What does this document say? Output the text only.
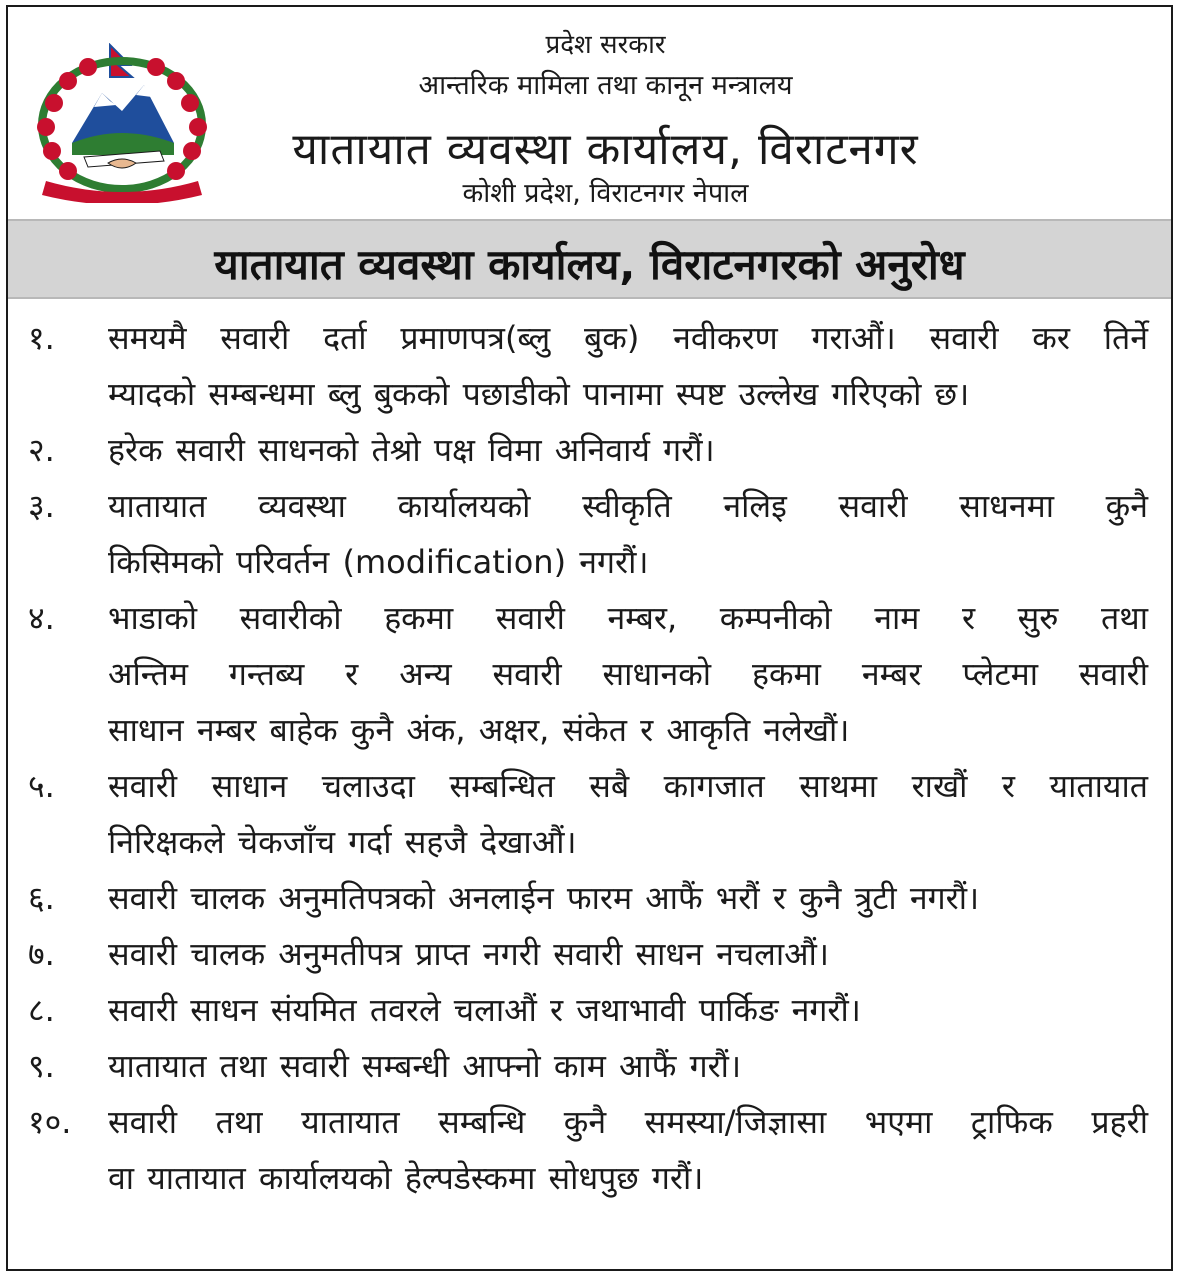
प्रदेश सरकार
आन्तरिक मामिला तथा कानून मन्त्रालय
यातायात व्यवस्था कार्यालय, विराटनगर
कोशी प्रदेश, विराटनगर नेपाल
यातायात व्यवस्था कार्यालय, विराटनगरको अनुरोध
१.	समयमै सवारी दर्ता प्रमाणपत्र(ब्लु बुक) नवीकरण गराऔं। सवारी कर तिर्ने
म्यादको सम्बन्धमा ब्लु बुकको पछाडीको पानामा स्पष्ट उल्लेख गरिएको छ।
२.	हरेक सवारी साधनको तेश्रो पक्ष विमा अनिवार्य गरौं।
३.	यातायात व्यवस्था कार्यालयको स्वीकृति नलिइ सवारी साधनमा कुनै
किसिमको परिवर्तन (modification) नगरौं।
४.	भाडाको सवारीको हकमा सवारी नम्बर, कम्पनीको नाम र सुरु तथा
अन्तिम गन्तब्य र अन्य सवारी साधानको हकमा नम्बर प्लेटमा सवारी
साधान नम्बर बाहेक कुनै अंक, अक्षर, संकेत र आकृति नलेखौं।
५.	सवारी साधान चलाउदा सम्बन्धित सबै कागजात साथमा राखौं र यातायात
निरिक्षकले चेकजाँच गर्दा सहजै देखाऔं।
६.	सवारी चालक अनुमतिपत्रको अनलाईन फारम आफैं भरौं र कुनै त्रुटी नगरौं।
७.	सवारी चालक अनुमतीपत्र प्राप्त नगरी सवारी साधन नचलाऔं।
८.	सवारी साधन संयमित तवरले चलाऔं र जथाभावी पार्किङ नगरौं।
९.	यातायात तथा सवारी सम्बन्धी आफ्नो काम आफैं गरौं।
१०.	सवारी तथा यातायात सम्बन्धि कुनै समस्या/जिज्ञासा भएमा ट्राफिक प्रहरी
वा यातायात कार्यालयको हेल्पडेस्कमा सोधपुछ गरौं।
